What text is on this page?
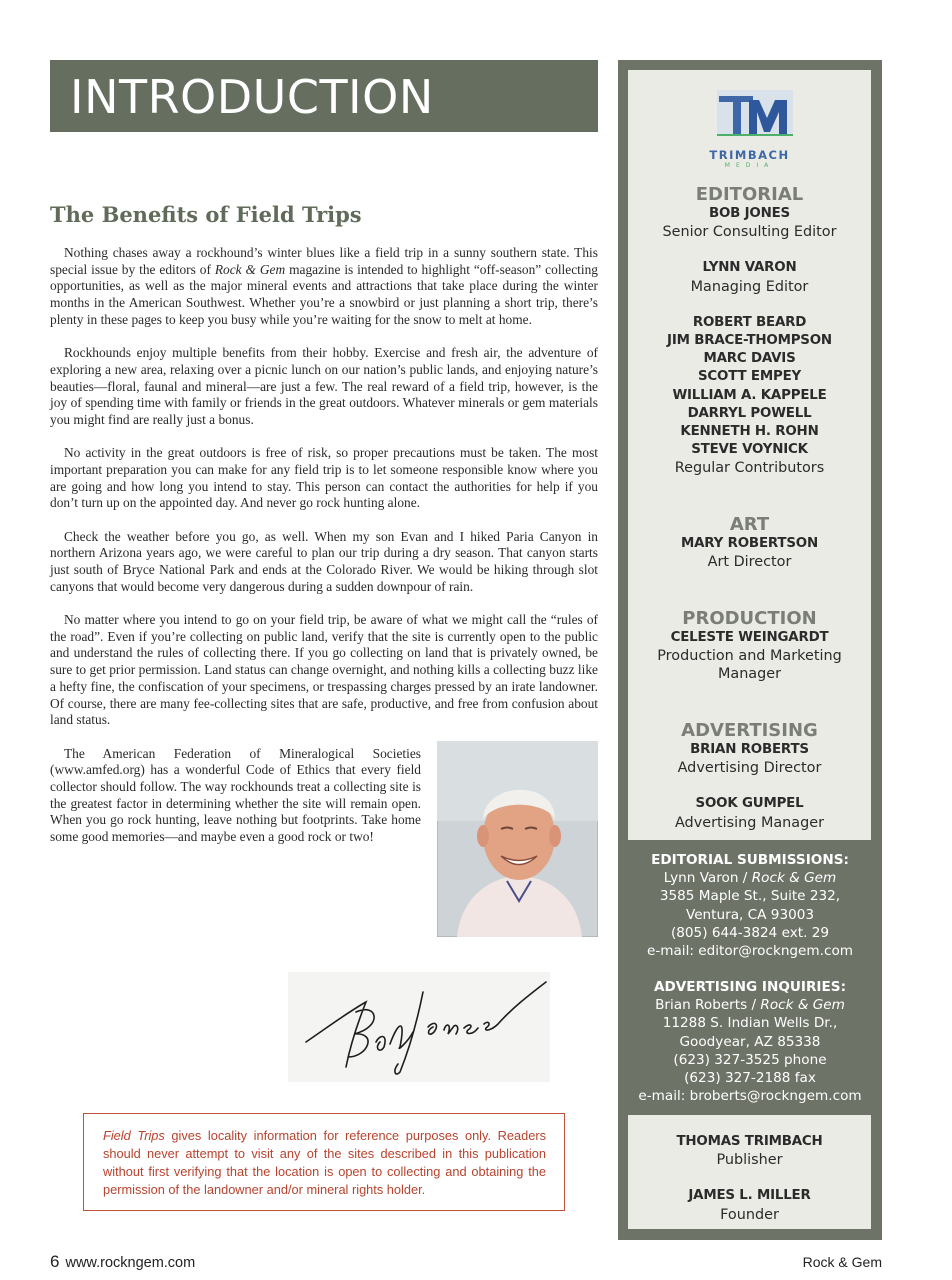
INTRODUCTION
The Benefits of Field Trips

Nothing chases away a rockhound’s winter blues like a field trip in a sunny southern state. This special issue by the editors of Rock & Gem magazine is intended to highlight “off-season” collecting opportunities, as well as the major mineral events and attractions that take place during the winter months in the American Southwest. Whether you’re a snowbird or just planning a short trip, there’s plenty in these pages to keep you busy while you’re waiting for the snow to melt at home.

Rockhounds enjoy multiple benefits from their hobby. Exercise and fresh air, the adventure of exploring a new area, relaxing over a picnic lunch on our nation’s public lands, and enjoying nature’s beauties—floral, faunal and mineral—are just a few. The real reward of a field trip, however, is the joy of spending time with family or friends in the great outdoors. Whatever minerals or gem materials you might find are really just a bonus.

No activity in the great outdoors is free of risk, so proper precautions must be taken. The most important preparation you can make for any field trip is to let someone responsible know where you are going and how long you intend to stay. This person can contact the authorities for help if you don’t turn up on the appointed day. And never go rock hunting alone.

Check the weather before you go, as well. When my son Evan and I hiked Paria Canyon in northern Arizona years ago, we were careful to plan our trip during a dry season. That canyon starts just south of Bryce National Park and ends at the Colorado River. We would be hiking through slot canyons that would become very dangerous during a sudden downpour of rain.

No matter where you intend to go on your field trip, be aware of what we might call the “rules of the road”. Even if you’re collecting on public land, verify that the site is currently open to the public and understand the rules of collecting there. If you go collecting on land that is privately owned, be sure to get prior permission. Land status can change overnight, and nothing kills a collecting buzz like a hefty fine, the confiscation of your specimens, or trespassing charges pressed by an irate landowner. Of course, there are many fee-collecting sites that are safe, productive, and free from confusion about land status.

The American Federation of Mineralogical Societies (www.amfed.org) has a wonderful Code of Ethics that every field collector should follow. The way rockhounds treat a collecting site is the greatest factor in determining whether the site will remain open. When you go rock hunting, leave nothing but footprints. Take home some good memories—and maybe even a good rock or two!

Field Trips gives locality information for reference purposes only. Readers should never attempt to visit any of the sites described in this publication without first verifying that the location is open to collecting and obtaining the permission of the landowner and/or mineral rights holder.
6 www.rockngem.com	Rock & Gem
TRIMBACH
MEDIA
EDITORIAL
BOB JONES
Senior Consulting Editor
LYNN VARON
Managing Editor
ROBERT BEARD
JIM BRACE-THOMPSON
MARC DAVIS
SCOTT EMPEY
WILLIAM A. KAPPELE
DARRYL POWELL
KENNETH H. ROHN
STEVE VOYNICK
Regular Contributors
ART
MARY ROBERTSON
Art Director
PRODUCTION
CELESTE WEINGARDT
Production and Marketing
Manager
ADVERTISING
BRIAN ROBERTS
Advertising Director
SOOK GUMPEL
Advertising Manager
EDITORIAL SUBMISSIONS:
Lynn Varon / Rock & Gem
3585 Maple St., Suite 232,
Ventura, CA 93003
(805) 644-3824 ext. 29
e-mail: editor@rockngem.com
ADVERTISING INQUIRIES:
Brian Roberts / Rock & Gem
11288 S. Indian Wells Dr.,
Goodyear, AZ 85338
(623) 327-3525 phone
(623) 327-2188 fax
e-mail: broberts@rockngem.com
THOMAS TRIMBACH
Publisher
JAMES L. MILLER
Founder
